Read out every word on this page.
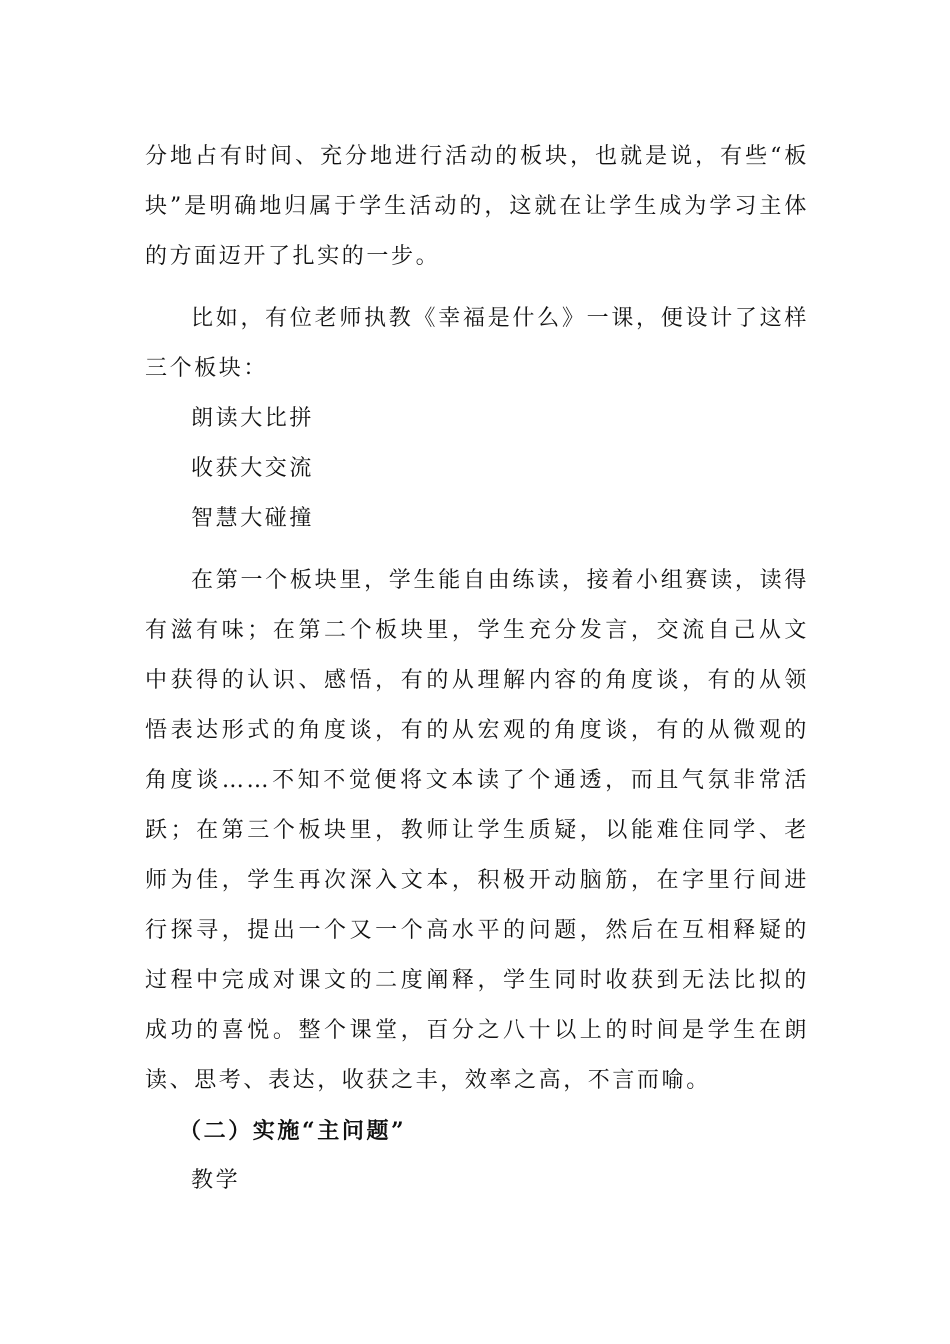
分地占有时间、充分地进行活动的板块，也就是说，有些“板块”是明确地归属于学生活动的，这就在让学生成为学习主体的方面迈开了扎实的一步。

比如，有位老师执教《幸福是什么》一课，便设计了这样三个板块：

朗读大比拼

收获大交流

智慧大碰撞

在第一个板块里，学生能自由练读，接着小组赛读，读得有滋有味；在第二个板块里，学生充分发言，交流自己从文中获得的认识、感悟，有的从理解内容的角度谈，有的从领悟表达形式的角度谈，有的从宏观的角度谈，有的从微观的角度谈……不知不觉便将文本读了个通透，而且气氛非常活跃；在第三个板块里，教师让学生质疑，以能难住同学、老师为佳，学生再次深入文本，积极开动脑筋，在字里行间进行探寻，提出一个又一个高水平的问题，然后在互相释疑的过程中完成对课文的二度阐释，学生同时收获到无法比拟的成功的喜悦。整个课堂，百分之八十以上的时间是学生在朗读、思考、表达，收获之丰，效率之高，不言而喻。

（二）实施“主问题”

教学
